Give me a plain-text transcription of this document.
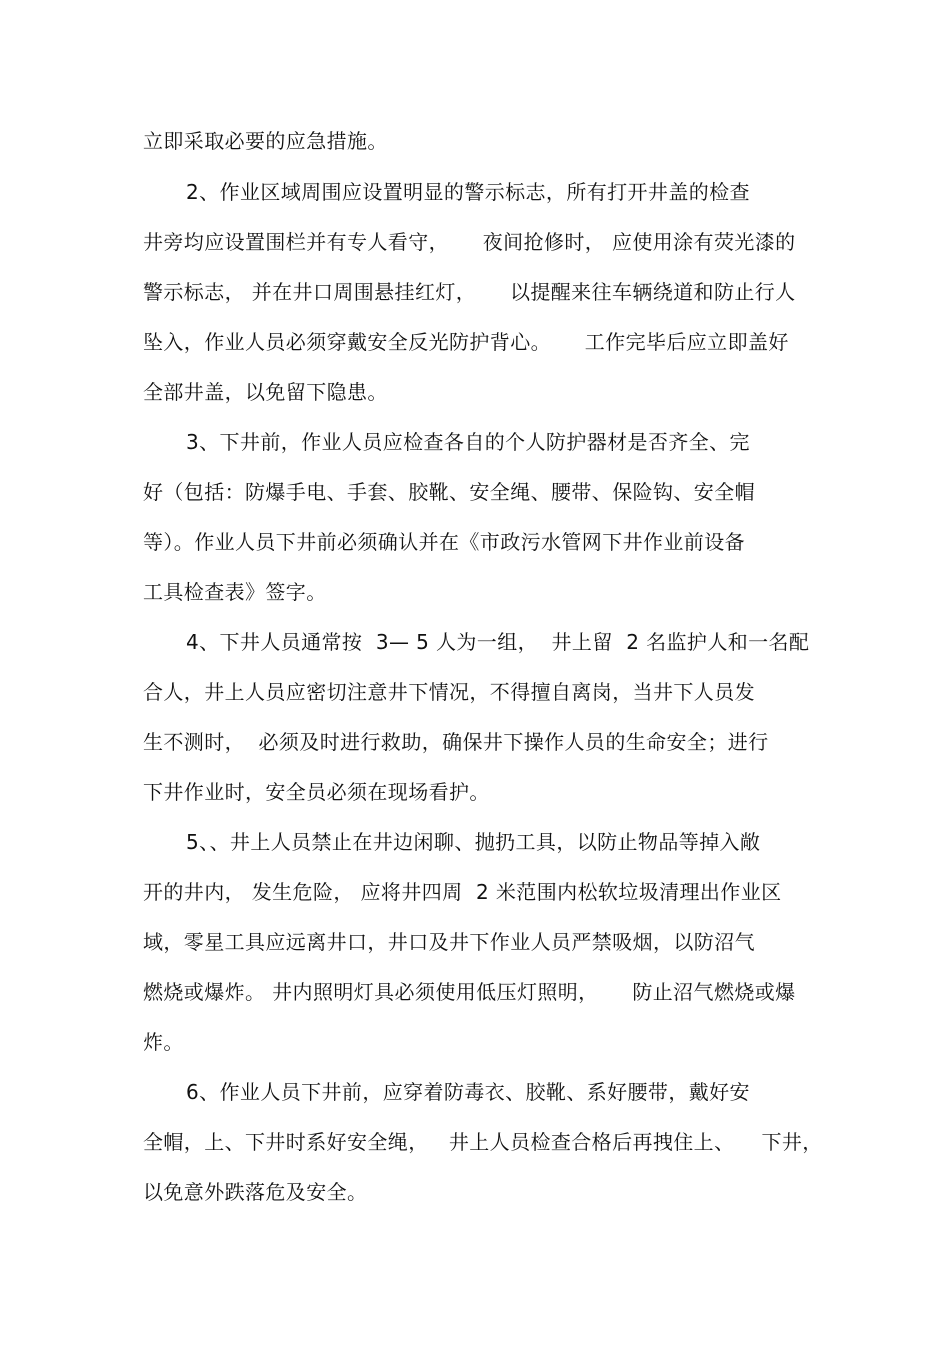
立即采取必要的应急措施。
2、作业区域周围应设置明显的警示标志，所有打开井盖的检查
井旁均应设置围栏并有专人看守，     夜间抢修时， 应使用涂有荧光漆的
警示标志， 并在井口周围悬挂红灯，     以提醒来往车辆绕道和防止行人
坠入，作业人员必须穿戴安全反光防护背心。     工作完毕后应立即盖好
全部井盖，以免留下隐患。
3、下井前，作业人员应检查各自的个人防护器材是否齐全、完
好（包括：防爆手电、手套、胶靴、安全绳、腰带、保险钩、安全帽
等）。作业人员下井前必须确认并在《市政污水管网下井作业前设备
工具检查表》签字。
4、下井人员通常按  3— 5 人为一组，  井上留  2 名监护人和一名配
合人，井上人员应密切注意井下情况，不得擅自离岗，当井下人员发
生不测时，  必须及时进行救助，确保井下操作人员的生命安全；进行
下井作业时，安全员必须在现场看护。
5、、井上人员禁止在井边闲聊、抛扔工具，以防止物品等掉入敞
开的井内， 发生危险， 应将井四周  2 米范围内松软垃圾清理出作业区
域，零星工具应远离井口，井口及井下作业人员严禁吸烟，以防沼气
燃烧或爆炸。 井内照明灯具必须使用低压灯照明，     防止沼气燃烧或爆
炸。
6、作业人员下井前，应穿着防毒衣、胶靴、系好腰带，戴好安
全帽，上、下井时系好安全绳，   井上人员检查合格后再拽住上、    下井，
以免意外跌落危及安全。
